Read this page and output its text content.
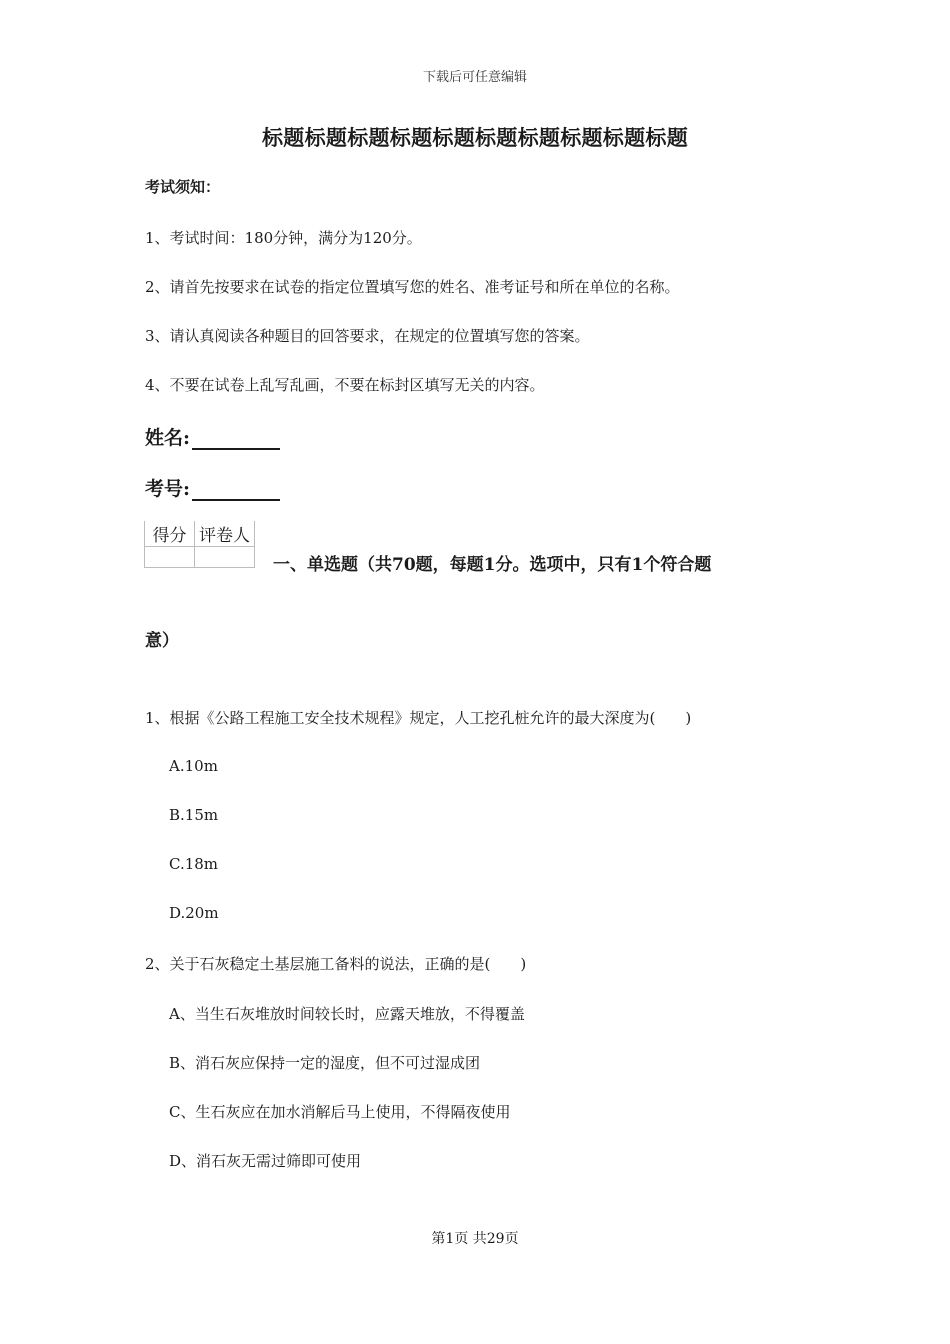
下载后可任意编辑
标题标题标题标题标题标题标题标题标题标题
考试须知：
1、考试时间：180分钟，满分为120分。
2、请首先按要求在试卷的指定位置填写您的姓名、准考证号和所在单位的名称。
3、请认真阅读各种题目的回答要求，在规定的位置填写您的答案。
4、不要在试卷上乱写乱画，不要在标封区填写无关的内容。
姓名:
考号:
得分	评卷人

一、单选题（共70题，每题1分。选项中，只有1个符合题
意）
1、根据《公路工程施工安全技术规程》规定，人工挖孔桩允许的最大深度为(　　)
A.10m
B.15m
C.18m
D.20m
2、关于石灰稳定土基层施工备料的说法，正确的是(　　)
A、当生石灰堆放时间较长时，应露天堆放，不得覆盖
B、消石灰应保持一定的湿度，但不可过湿成团
C、生石灰应在加水消解后马上使用，不得隔夜使用
D、消石灰无需过筛即可使用
第1页 共29页
